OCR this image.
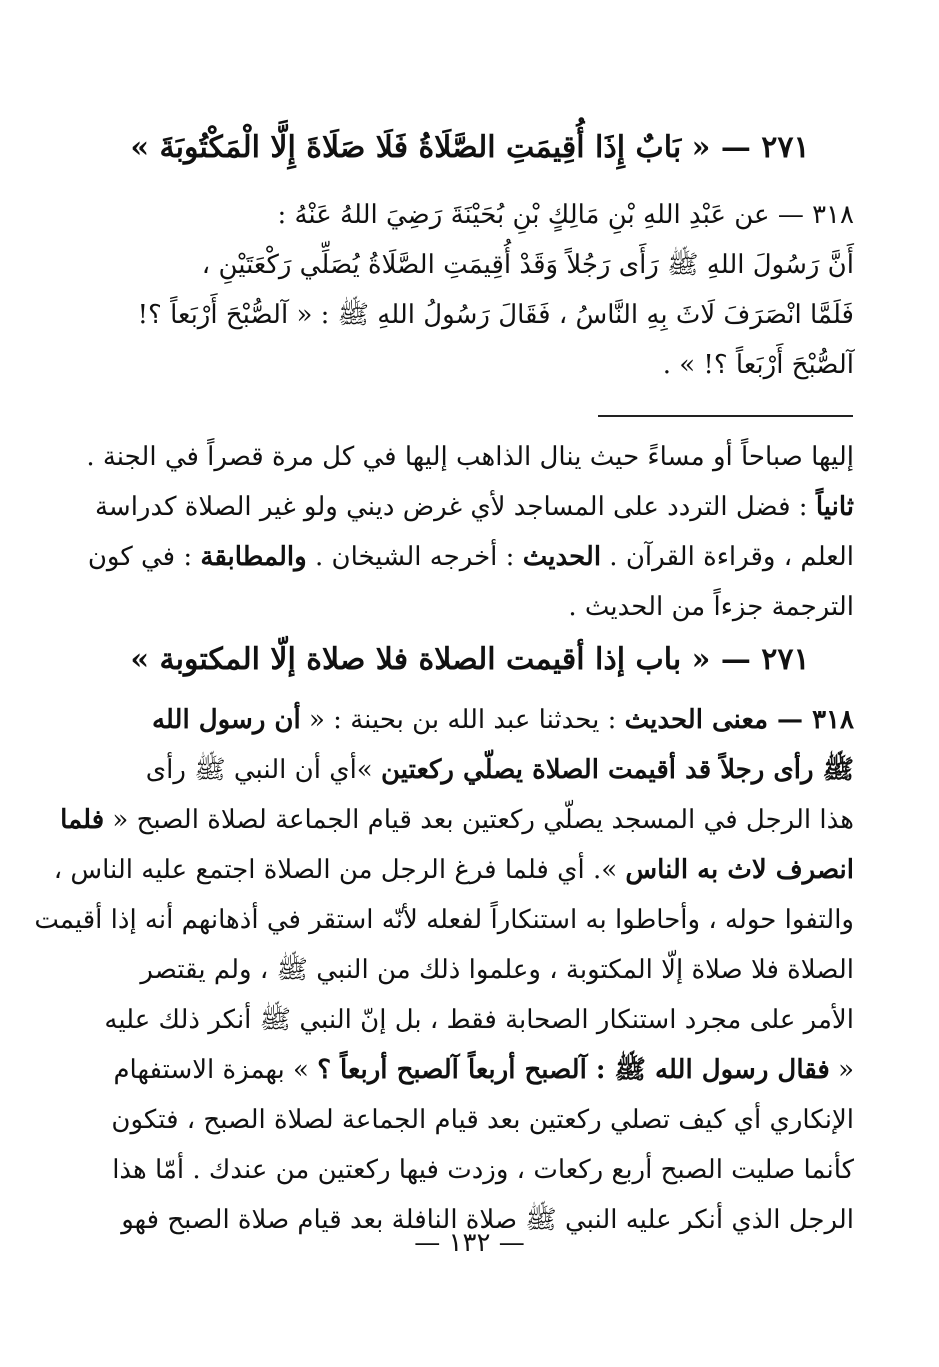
٢٧١ — « بَابٌ إِذَا أُقِيمَتِ الصَّلَاةُ فَلَا صَلَاةَ إِلَّا الْمَكْتُوبَةَ »
٣١٨ — عن عَبْدِ اللهِ بْنِ مَالِكٍ بْنِ بُحَيْنَةَ رَضِيَ اللهُ عَنْهُ :
أَنَّ رَسُولَ اللهِ ﷺ رَأَى رَجُلاً وَقَدْ أُقِيمَتِ الصَّلَاةُ يُصَلِّي رَكْعَتَيْنِ ،
فَلَمَّا انْصَرَفَ لَاثَ بِهِ النَّاسُ ، فَقَالَ رَسُولُ اللهِ ﷺ : « آلصُّبْحَ أَرْبَعاً ؟!
آلصُّبْحَ أَرْبَعاً ؟! » .
إليها صباحاً أو مساءً حيث ينال الذاهب إليها في كل مرة قصراً في الجنة .
ثانياً : فضل التردد على المساجد لأي غرض ديني ولو غير الصلاة كدراسة
العلم ، وقراءة القرآن . الحديث : أخرجه الشيخان . والمطابقة : في كون
الترجمة جزءاً من الحديث .
٢٧١ — « باب إذا أقيمت الصلاة فلا صلاة إلّا المكتوبة »
٣١٨ — معنى الحديث : يحدثنا عبد الله بن بحينة : « أن رسول الله
ﷺ رأى رجلاً قد أقيمت الصلاة يصلّي ركعتين »أي أن النبي ﷺ رأى
هذا الرجل في المسجد يصلّي ركعتين بعد قيام الجماعة لصلاة الصبح « فلما
انصرف لاث به الناس ». أي فلما فرغ الرجل من الصلاة اجتمع عليه الناس ،
والتفوا حوله ، وأحاطوا به استنكاراً لفعله لأنّه استقر في أذهانهم أنه إذا أقيمت
الصلاة فلا صلاة إلّا المكتوبة ، وعلموا ذلك من النبي ﷺ ، ولم يقتصر
الأمر على مجرد استنكار الصحابة فقط ، بل إنّ النبي ﷺ أنكر ذلك عليه
« فقال رسول الله ﷺ : آلصبح أربعاً آلصبح أربعاً ؟ » بهمزة الاستفهام
الإنكاري أي كيف تصلي ركعتين بعد قيام الجماعة لصلاة الصبح ، فتكون
كأنما صليت الصبح أربع ركعات ، وزدت فيها ركعتين من عندك . أمّا هذا
الرجل الذي أنكر عليه النبي ﷺ صلاة النافلة بعد قيام صلاة الصبح فهو
— ١٣٢ —
